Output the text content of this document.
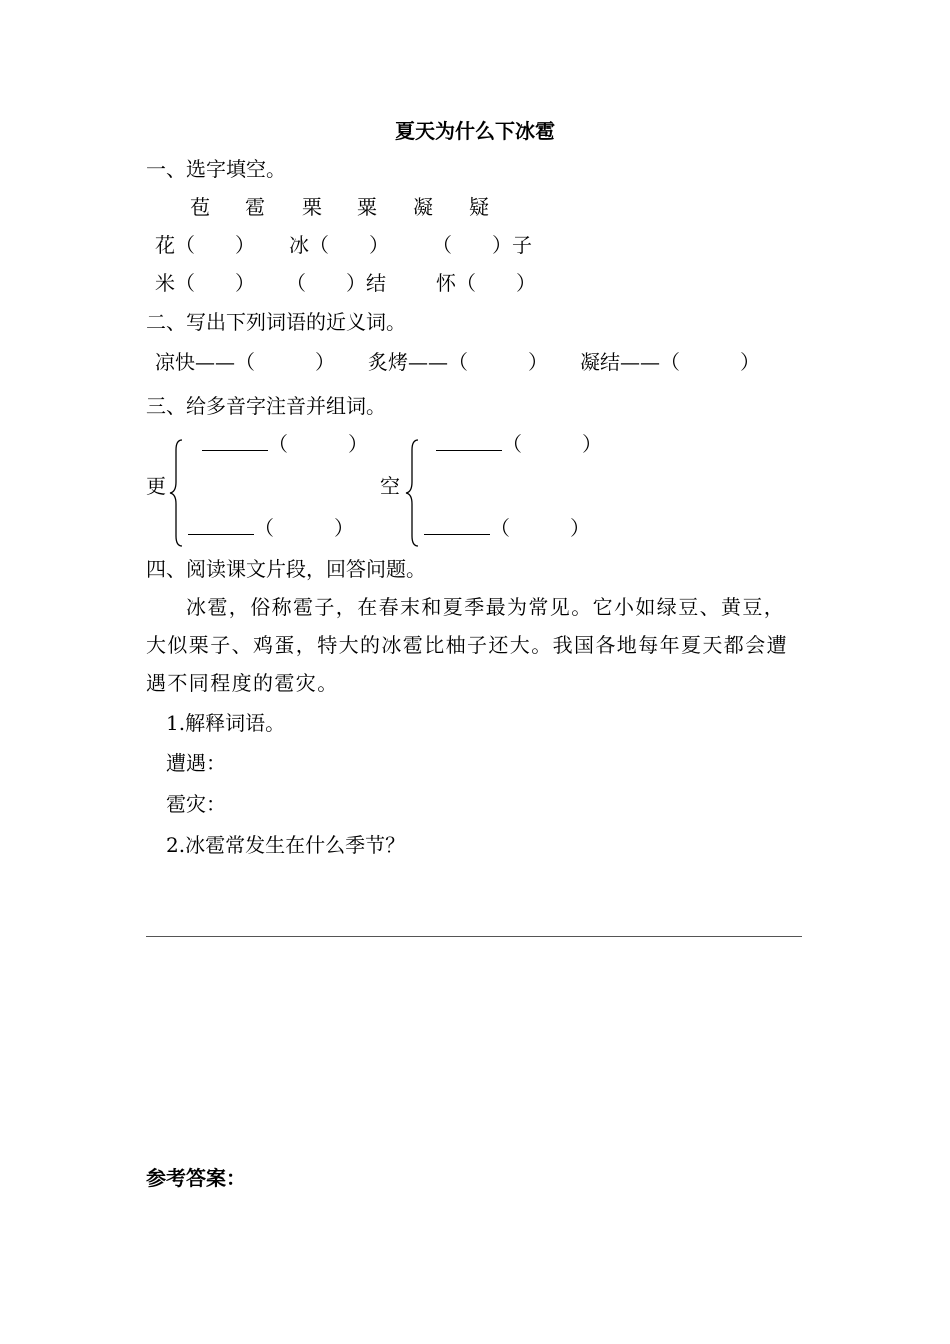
夏天为什么下冰雹
一、选字填空。
苞 雹 栗 粟 凝 疑
花（　　） 冰（　　） （　　）子
米（　　） （　　）结	怀（　　）
二、写出下列词语的近义词。
凉快——（　　　） 炙烤——（　　　） 凝结——（　　　）
三、给多音字注音并组词。
更
（　　　）
（　　　）
空
（　　　）
（　　　）
四、阅读课文片段，回答问题。
冰雹，俗称雹子，在春末和夏季最为常见。它小如绿豆、黄豆，大似栗子、鸡蛋，特大的冰雹比柚子还大。我国各地每年夏天都会遭遇不同程度的雹灾。
1.解释词语。
遭遇：
雹灾：
2.冰雹常发生在什么季节？
参考答案：
